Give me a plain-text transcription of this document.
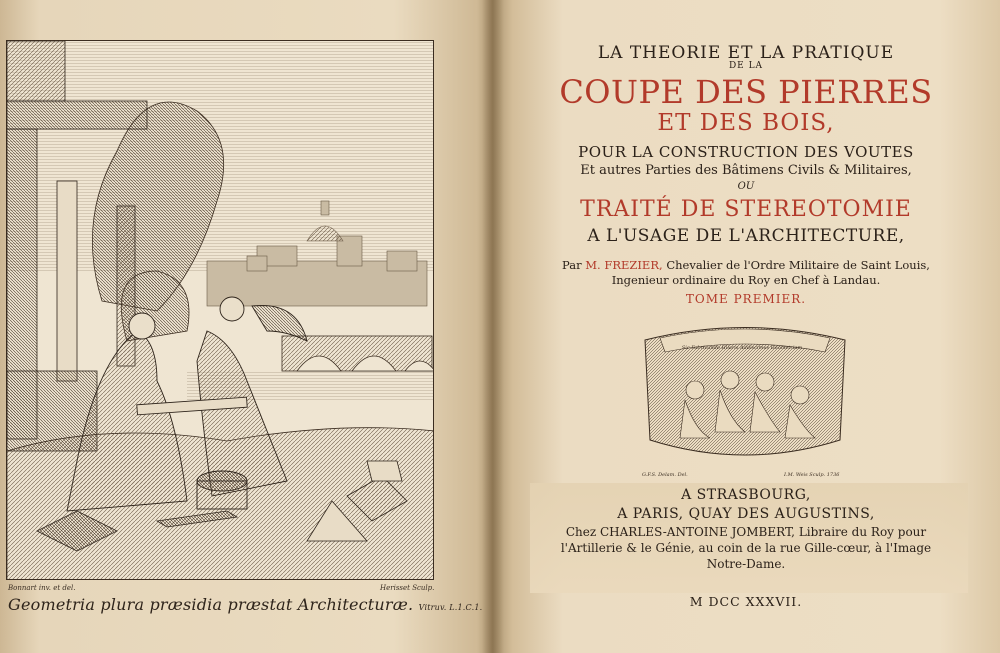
Bonnart inv. et del.	Herisset Sculp.
Geometria plura præsidia præstat Architecturæ. Vitruv. L.1.C.1.
LA THEORIE ET LA PRATIQUE
DE LA
COUPE DES PIERRES
ET DES BOIS,
POUR LA CONSTRUCTION DES VOUTES
Et autres Parties des Bâtimens Civils & Militaires,
OU
TRAITÉ DE STEREOTOMIE
A L'USAGE DE L'ARCHITECTURE,
Par M. FREZIER, Chevalier de l'Ordre Militaire de Saint Louis,
Ingenieur ordinaire du Roy en Chef à Landau.
TOME PREMIER.
Sic Fabricando Hilaris Addiscimus Geometriam
G.F.S. Delam. Del.	I.M. Weis Sculp. 1736
A STRASBOURG,
A PARIS, QUAY DES AUGUSTINS,
Chez CHARLES-ANTOINE JOMBERT, Libraire du Roy pour
l'Artillerie & le Génie, au coin de la rue Gille-cœur, à l'Image
Notre-Dame.
M DCC XXXVII.
